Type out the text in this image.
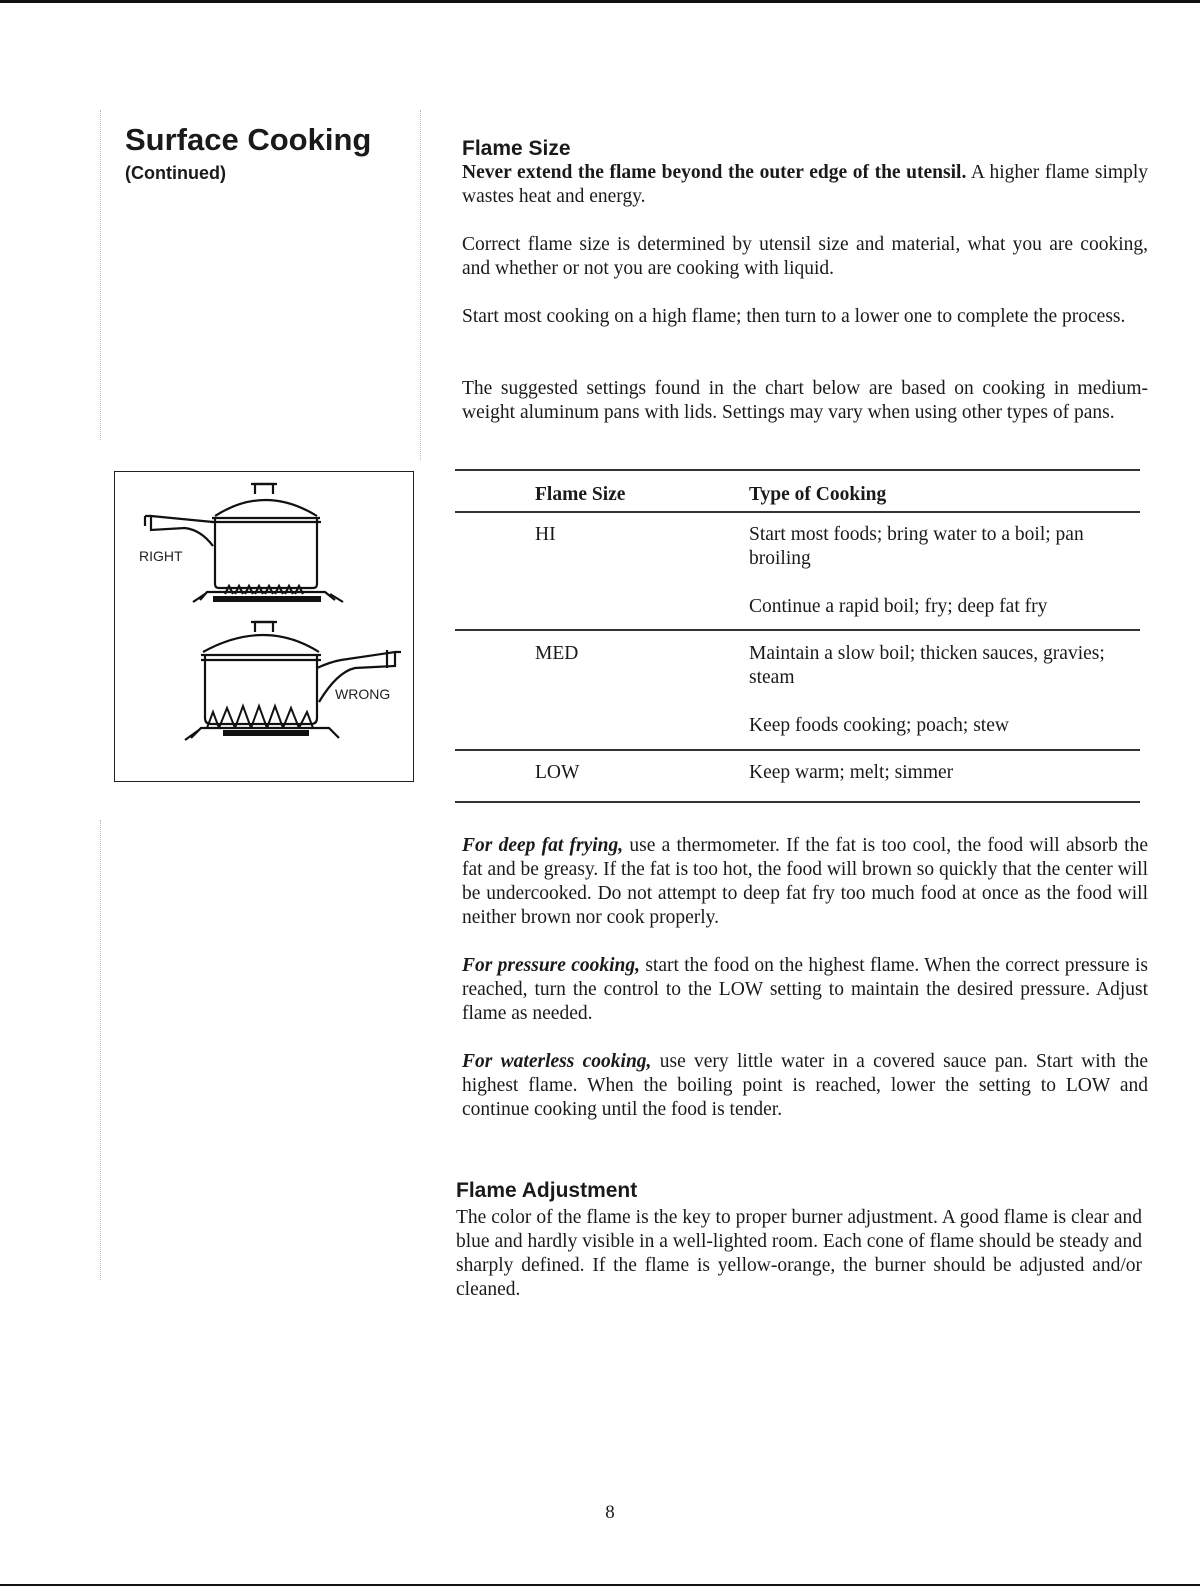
Surface Cooking
(Continued)
RIGHT
WRONG
Flame Size

Never extend the flame beyond the outer edge of the utensil. A higher flame simply wastes heat and energy.

Correct flame size is determined by utensil size and material, what you are cooking, and whether or not you are cooking with liquid.

Start most cooking on a high flame; then turn to a lower one to complete the process.

The suggested settings found in the chart below are based on cooking in medium-weight aluminum pans with lids. Settings may vary when using other types of pans.

Flame Size	Type of Cooking
HI	Start most foods; bring water to a boil; pan broiling
Continue a rapid boil; fry; deep fat fry
MED	Maintain a slow boil; thicken sauces, gravies; steam
Keep foods cooking; poach; stew
LOW	Keep warm; melt; simmer

For deep fat frying, use a thermometer. If the fat is too cool, the food will absorb the fat and be greasy. If the fat is too hot, the food will brown so quickly that the center will be undercooked. Do not attempt to deep fat fry too much food at once as the food will neither brown nor cook properly.

For pressure cooking, start the food on the highest flame. When the correct pressure is reached, turn the control to the LOW setting to maintain the desired pressure. Adjust flame as needed.

For waterless cooking, use very little water in a covered sauce pan. Start with the highest flame. When the boiling point is reached, lower the setting to LOW and continue cooking until the food is tender.

Flame Adjustment

The color of the flame is the key to proper burner adjustment. A good flame is clear and blue and hardly visible in a well-lighted room. Each cone of flame should be steady and sharply defined. If the flame is yellow-orange, the burner should be adjusted and/or cleaned.

8
